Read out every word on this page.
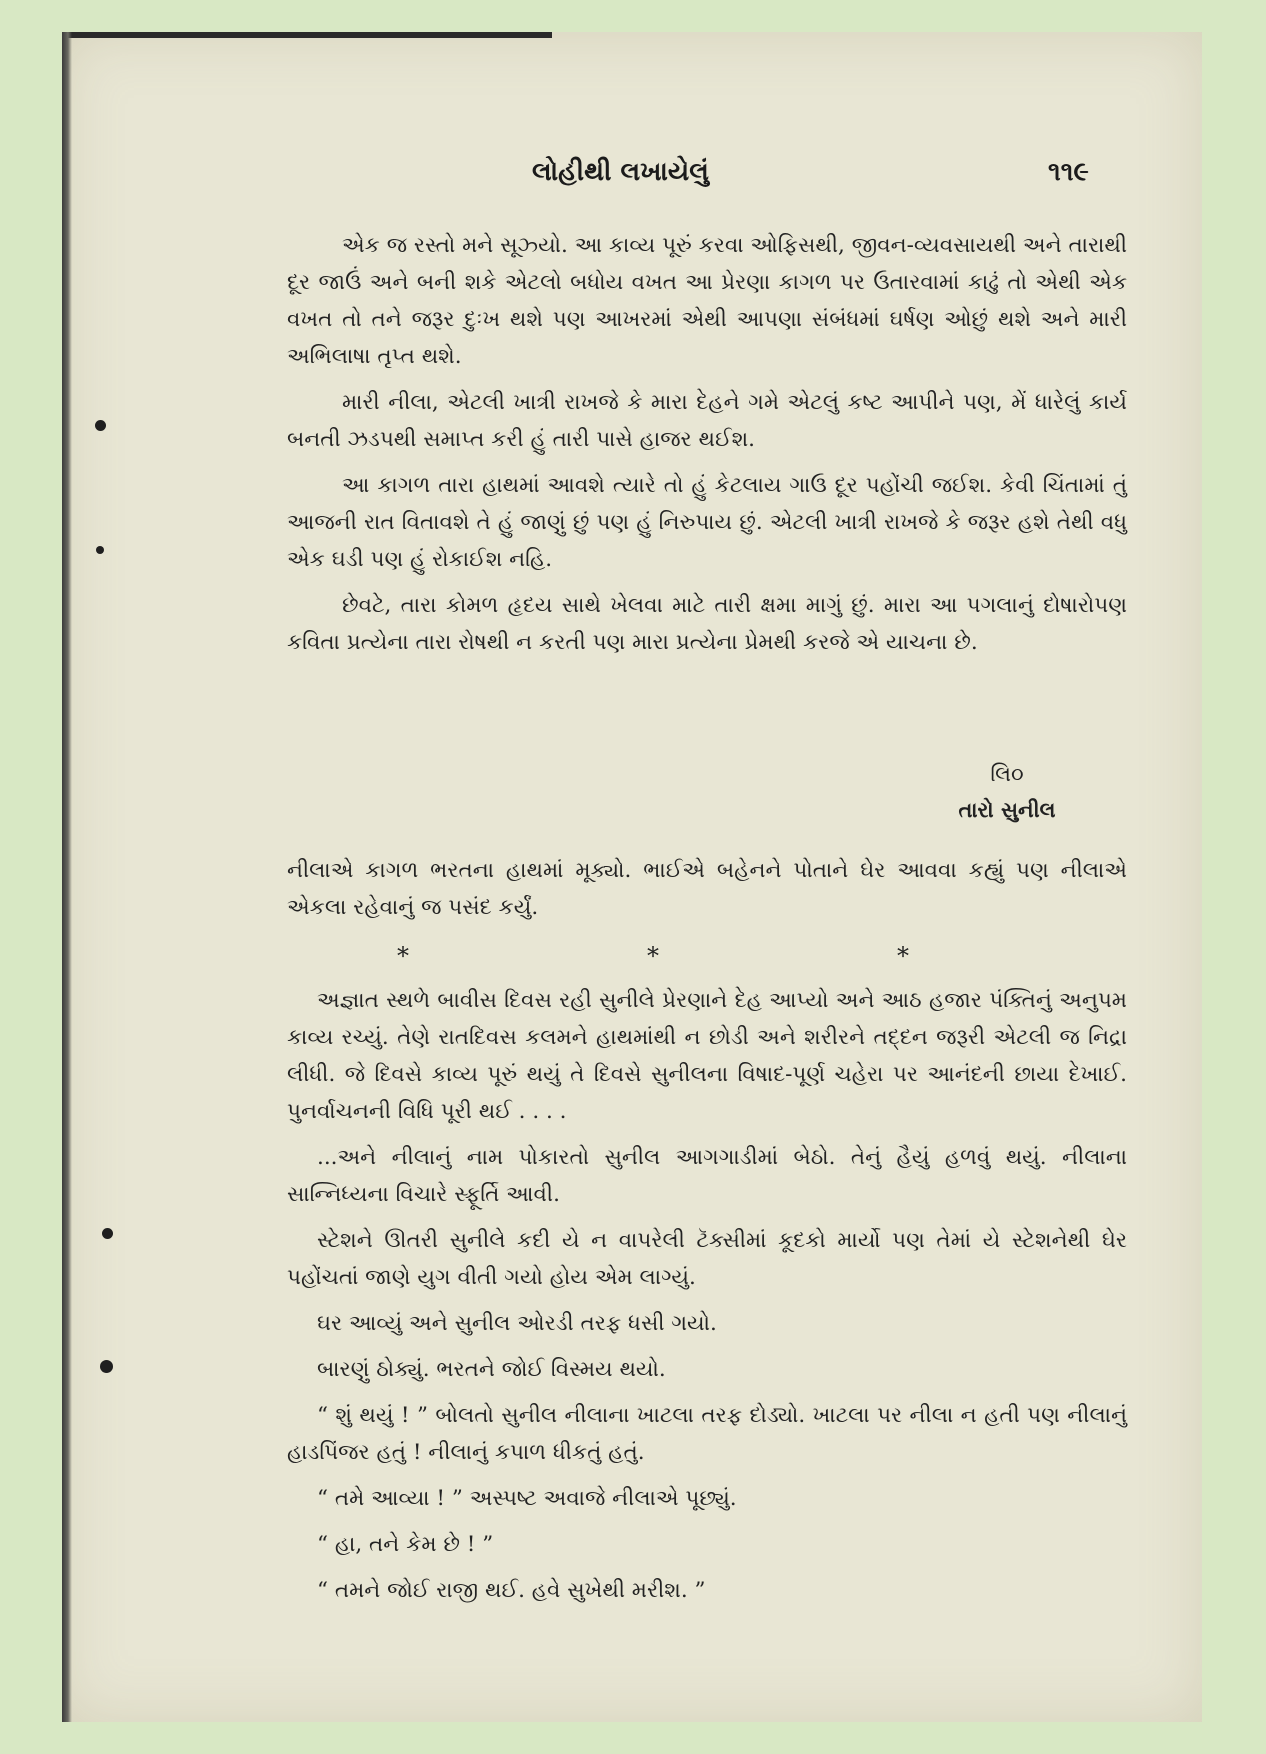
લોહીથી લખાયેલું	૧૧૯

એક જ રસ્તો મને સૂઝ્યો. આ કાવ્ય પૂરું કરવા ઓફિસથી, જીવન-વ્યવસાયથી અને તારાથી દૂર જાઉં અને બની શકે એટલો બધોય વખત આ પ્રેરણા કાગળ પર ઉતારવામાં કાઢું તો એથી એક વખત તો તને જરૂર દુઃખ થશે પણ આખરમાં એથી આપણા સંબંધમાં ઘર્ષણ ઓછું થશે અને મારી અભિલાષા તૃપ્ત થશે.

મારી નીલા, એટલી ખાત્રી રાખજે કે મારા દેહને ગમે એટલું કષ્ટ આપીને પણ, મેં ધારેલું કાર્ય બનતી ઝડપથી સમાપ્ત કરી હું તારી પાસે હાજર થઈશ.

આ કાગળ તારા હાથમાં આવશે ત્યારે તો હું કેટલાય ગાઉ દૂર પહોંચી જઈશ. કેવી ચિંતામાં તું આજની રાત વિતાવશે તે હું જાણું છું પણ હું નિરુપાય છું. એટલી ખાત્રી રાખજે કે જરૂર હશે તેથી વધુ એક ઘડી પણ હું રોકાઈશ નહિ.

છેવટે, તારા કોમળ હૃદય સાથે ખેલવા માટે તારી ક્ષમા માગું છું. મારા આ પગલાનું દોષારોપણ કવિતા પ્રત્યેના તારા રોષથી ન કરતી પણ મારા પ્રત્યેના પ્રેમથી કરજે એ યાચના છે.

લિ૦
તારો સુનીલ

નીલાએ કાગળ ભરતના હાથમાં મૂક્યો. ભાઈએ બહેનને પોતાને ઘેર આવવા કહ્યું પણ નીલાએ એકલા રહેવાનું જ પસંદ કર્યું.

*	*	*

અજ્ઞાત સ્થળે બાવીસ દિવસ રહી સુનીલે પ્રેરણાને દેહ આપ્યો અને આઠ હજાર પંક્તિનું અનુપમ કાવ્ય રચ્યું. તેણે રાતદિવસ કલમને હાથમાંથી ન છોડી અને શરીરને તદ્દન જરૂરી એટલી જ નિદ્રા લીધી. જે દિવસે કાવ્ય પૂરું થયું તે દિવસે સુનીલના વિષાદ-પૂર્ણ ચહેરા પર આનંદની છાયા દેખાઈ. પુનર્વાચનની વિધિ પૂરી થઈ . . . .

...અને નીલાનું નામ પોકારતો સુનીલ આગગાડીમાં બેઠો. તેનું હૈયું હળવું થયું. નીલાના સાન્નિધ્યના વિચારે સ્ફૂર્તિ આવી.

સ્ટેશને ઊતરી સુનીલે કદી યે ન વાપરેલી ટૅક્સીમાં કૂદકો માર્યો પણ તેમાં યે સ્ટેશનેથી ઘેર પહોંચતાં જાણે યુગ વીતી ગયો હોય એમ લાગ્યું.

ઘર આવ્યું અને સુનીલ ઓરડી તરફ ધસી ગયો.

બારણું ઠોક્યું. ભરતને જોઈ વિસ્મય થયો.

“ શું થયું ! ” બોલતો સુનીલ નીલાના ખાટલા તરફ દોડ્યો. ખાટલા પર નીલા ન હતી પણ નીલાનું હાડપિંજર હતું ! નીલાનું કપાળ ધીકતું હતું.

“ તમે આવ્યા ! ” અસ્પષ્ટ અવાજે નીલાએ પૂછ્યું.

“ હા, તને કેમ છે ! ”

“ તમને જોઈ રાજી થઈ. હવે સુખેથી મરીશ. ”
